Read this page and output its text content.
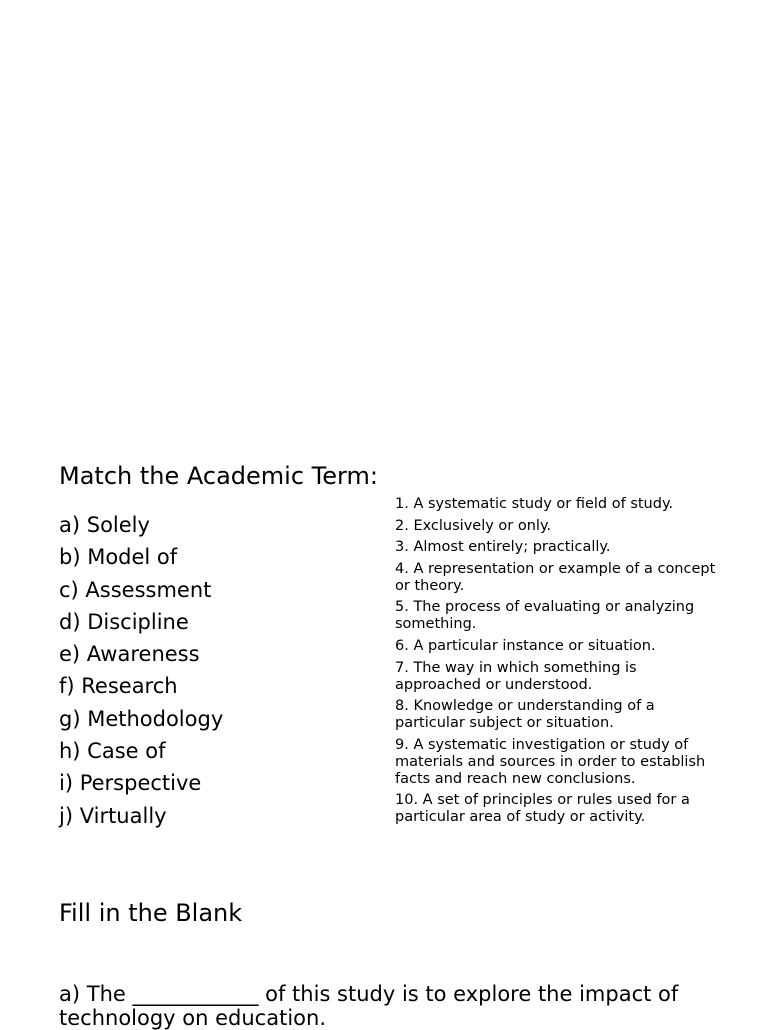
Match the Academic Term:
a) Solely
b) Model of
c) Assessment
d) Discipline
e) Awareness
f) Research
g) Methodology
h) Case of
i) Perspective
j) Virtually
1. A systematic study or field of study.
2. Exclusively or only.
3. Almost entirely; practically.
4. A representation or example of a concept or theory.
5. The process of evaluating or analyzing something.
6. A particular instance or situation.
7. The way in which something is approached or understood.
8. Knowledge or understanding of a particular subject or situation.
9. A systematic investigation or study of materials and sources in order to establish facts and reach new conclusions.
10. A set of principles or rules used for a particular area of study or activity.
Fill in the Blank

a) The ____________ of this study is to explore the impact of technology on education.
